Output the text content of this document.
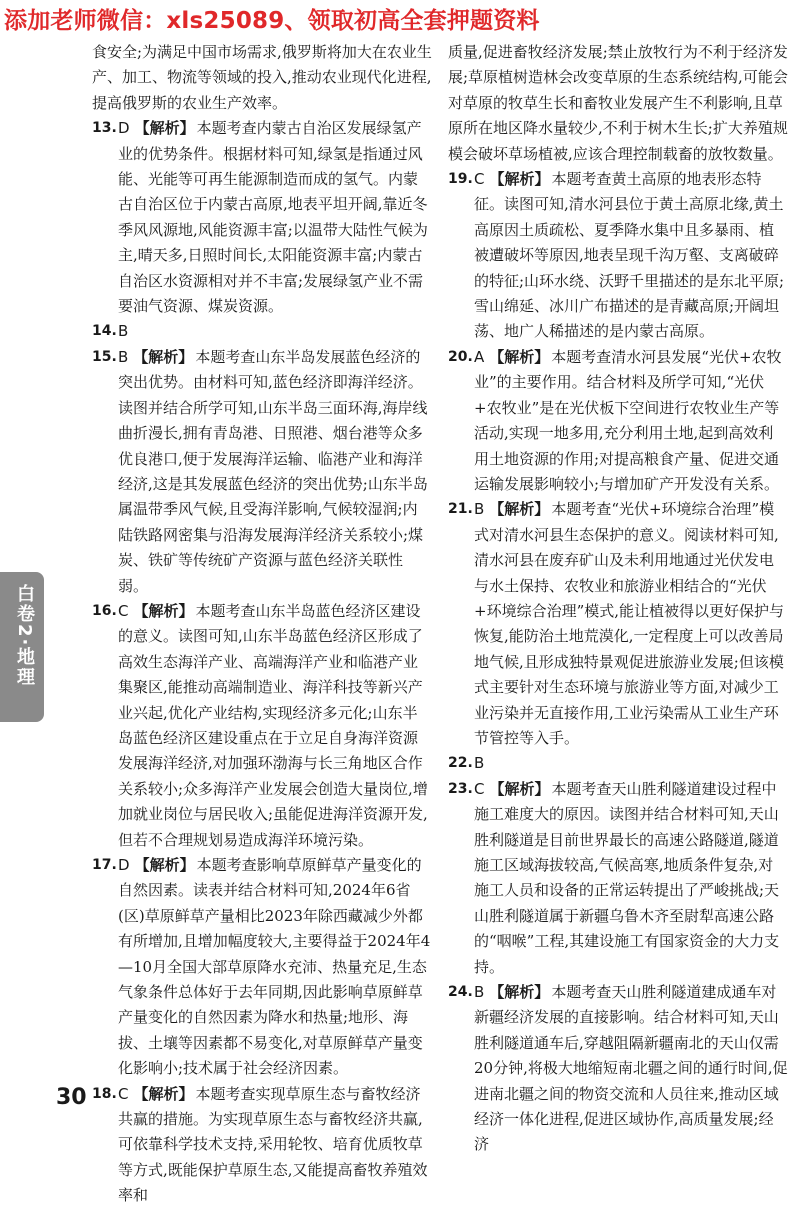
添加老师微信：xls25089、领取初高全套押题资料

食安全;为满足中国市场需求,俄罗斯将加大在农业生产、加工、物流等领域的投入,推动农业现代化进程,提高俄罗斯的农业生产效率。

13. D 【解析】 本题考查内蒙古自治区发展绿氢产业的优势条件。根据材料可知,绿氢是指通过风能、光能等可再生能源制造而成的氢气。内蒙古自治区位于内蒙古高原,地表平坦开阔,靠近冬季风风源地,风能资源丰富;以温带大陆性气候为主,晴天多,日照时间长,太阳能资源丰富;内蒙古自治区水资源相对并不丰富;发展绿氢产业不需要油气资源、煤炭资源。
14. B
15. B 【解析】 本题考查山东半岛发展蓝色经济的突出优势。由材料可知,蓝色经济即海洋经济。读图并结合所学可知,山东半岛三面环海,海岸线曲折漫长,拥有青岛港、日照港、烟台港等众多优良港口,便于发展海洋运输、临港产业和海洋经济,这是其发展蓝色经济的突出优势;山东半岛属温带季风气候,且受海洋影响,气候较湿润;内陆铁路网密集与沿海发展海洋经济关系较小;煤炭、铁矿等传统矿产资源与蓝色经济关联性弱。
16. C 【解析】 本题考查山东半岛蓝色经济区建设的意义。读图可知,山东半岛蓝色经济区形成了高效生态海洋产业、高端海洋产业和临港产业集聚区,能推动高端制造业、海洋科技等新兴产业兴起,优化产业结构,实现经济多元化;山东半岛蓝色经济区建设重点在于立足自身海洋资源发展海洋经济,对加强环渤海与长三角地区合作关系较小;众多海洋产业发展会创造大量岗位,增加就业岗位与居民收入;虽能促进海洋资源开发,但若不合理规划易造成海洋环境污染。
17. D 【解析】 本题考查影响草原鲜草产量变化的自然因素。读表并结合材料可知,2024年6省(区)草原鲜草产量相比2023年除西藏减少外都有所增加,且增加幅度较大,主要得益于2024年4—10月全国大部草原降水充沛、热量充足,生态气象条件总体好于去年同期,因此影响草原鲜草产量变化的自然因素为降水和热量;地形、海拔、土壤等因素都不易变化,对草原鲜草产量变化影响小;技术属于社会经济因素。
18. C 【解析】 本题考查实现草原生态与畜牧经济共赢的措施。为实现草原生态与畜牧经济共赢,可依靠科学技术支持,采用轮牧、培育优质牧草等方式,既能保护草原生态,又能提高畜牧养殖效率和

质量,促进畜牧经济发展;禁止放牧行为不利于经济发展;草原植树造林会改变草原的生态系统结构,可能会对草原的牧草生长和畜牧业发展产生不利影响,且草原所在地区降水量较少,不利于树木生长;扩大养殖规模会破坏草场植被,应该合理控制载畜的放牧数量。

19. C 【解析】 本题考查黄土高原的地表形态特征。读图可知,清水河县位于黄土高原北缘,黄土高原因土质疏松、夏季降水集中且多暴雨、植被遭破坏等原因,地表呈现千沟万壑、支离破碎的特征;山环水绕、沃野千里描述的是东北平原;雪山绵延、冰川广布描述的是青藏高原;开阔坦荡、地广人稀描述的是内蒙古高原。
20. A 【解析】 本题考查清水河县发展“光伏+农牧业”的主要作用。结合材料及所学可知,“光伏+农牧业”是在光伏板下空间进行农牧业生产等活动,实现一地多用,充分利用土地,起到高效利用土地资源的作用;对提高粮食产量、促进交通运输发展影响较小;与增加矿产开发没有关系。
21. B 【解析】 本题考查“光伏+环境综合治理”模式对清水河县生态保护的意义。阅读材料可知,清水河县在废弃矿山及未利用地通过光伏发电与水土保持、农牧业和旅游业相结合的“光伏+环境综合治理”模式,能让植被得以更好保护与恢复,能防治土地荒漠化,一定程度上可以改善局地气候,且形成独特景观促进旅游业发展;但该模式主要针对生态环境与旅游业等方面,对减少工业污染并无直接作用,工业污染需从工业生产环节管控等入手。
22. B
23. C 【解析】 本题考查天山胜利隧道建设过程中施工难度大的原因。读图并结合材料可知,天山胜利隧道是目前世界最长的高速公路隧道,隧道施工区域海拔较高,气候高寒,地质条件复杂,对施工人员和设备的正常运转提出了严峻挑战;天山胜利隧道属于新疆乌鲁木齐至尉犁高速公路的“咽喉”工程,其建设施工有国家资金的大力支持。
24. B 【解析】 本题考查天山胜利隧道建成通车对新疆经济发展的直接影响。结合材料可知,天山胜利隧道通车后,穿越阻隔新疆南北的天山仅需20分钟,将极大地缩短南北疆之间的通行时间,促进南北疆之间的物资交流和人员往来,推动区域经济一体化进程,促进区域协作,高质量发展;经济
白卷2·地理
30
